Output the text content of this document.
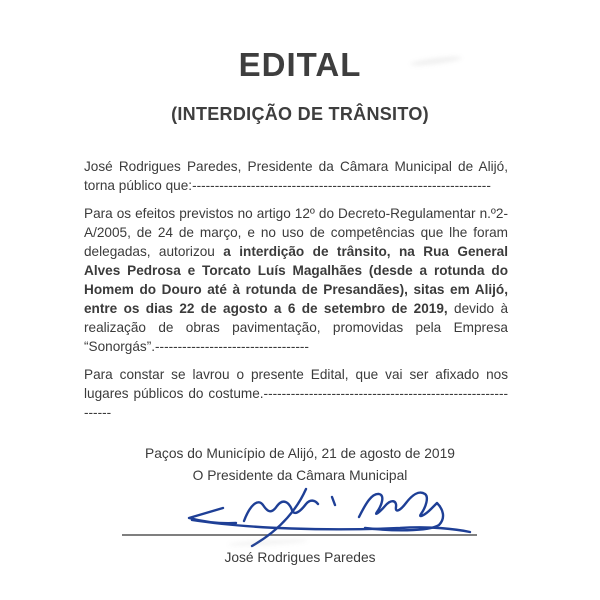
EDITAL
(INTERDIÇÃO DE TRÂNSITO)

José Rodrigues Paredes, Presidente da Câmara Municipal de Alijó, torna público que:------------------------------------------------------------------

Para os efeitos previstos no artigo 12º do Decreto-Regulamentar n.º2-A/2005, de 24 de março, e no uso de competências que lhe foram delegadas, autorizou a interdição de trânsito, na Rua General Alves Pedrosa e Torcato Luís Magalhães (desde a rotunda do Homem do Douro até à rotunda de Presandães), sitas em Alijó, entre os dias 22 de agosto a 6 de setembro de 2019, devido à realização de obras pavimentação, promovidas pela Empresa “Sonorgás”.----------------------------------

Para constar se lavrou o presente Edital, que vai ser afixado nos lugares públicos do costume.------------------------------------------------------------

Paços do Município de Alijó, 21 de agosto de 2019
O Presidente da Câmara Municipal
José Rodrigues Paredes
